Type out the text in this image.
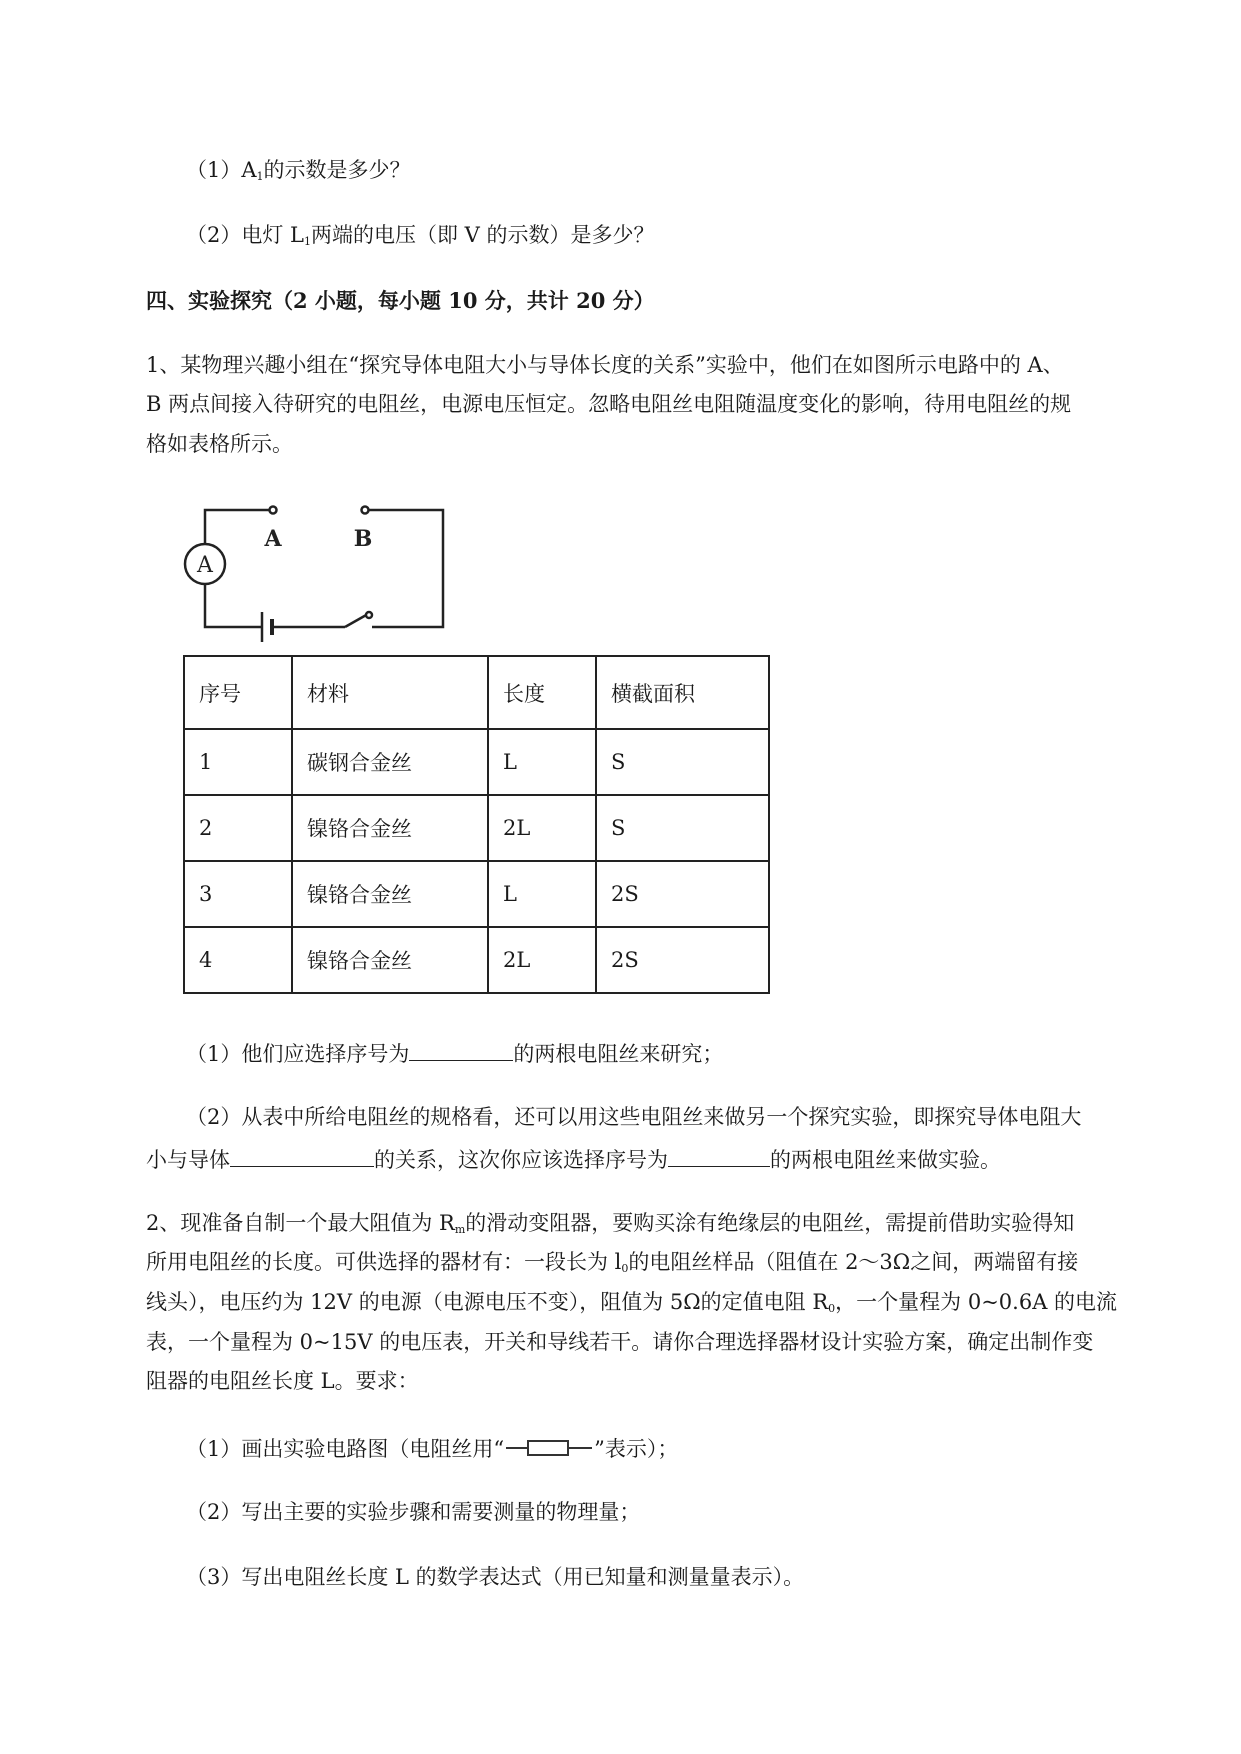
$(1)A_1$的示数是多少？
（2）电灯 $L_1$两端的电压（即 V 的示数）是多少？
四、实验探究（2 小题，每小题 10 分，共计 20 分）
1、某物理兴趣小组在“探究导体电阻大小与导体长度的关系”实验中，他们在如图所示电路中的 A、
B 两点间接入待研究的电阻丝，电源电压恒定。忽略电阻丝电阻随温度变化的影响，待用电阻丝的规
格如表格所示。
A	B
A
序号	材料	长度	横截面积
1	碳钢合金丝	L	S
2	镍铬合金丝	2L	S
3	镍铬合金丝	L	2S
4	镍铬合金丝	2L	2S
（1）他们应选择序号为	的两根电阻丝来研究；
（2）从表中所给电阻丝的规格看，还可以用这些电阻丝来做另一个探究实验，即探究导体电阻大
小与导体	的关系，这次你应该选择序号为	的两根电阻丝来做实验。
2、现准备自制一个最大阻值为 $R_m$的滑动变阻器，要购买涂有绝缘层的电阻丝，需提前借助实验得知
所用电阻丝的长度。可供选择的器材有：一段长为 $l_0$的电阻丝样品（阻值在 2～3Ω之间，两端留有接
线头），电压约为 12V 的电源（电源电压不变），阻值为 5Ω的定值电阻 $R_0$，一个量程为 0~0.6A 的电流
表，一个量程为 0~15V 的电压表，开关和导线若干。请你合理选择器材设计实验方案，确定出制作变
阻器的电阻丝长度 L。要求：
（1）画出实验电路图（电阻丝用“	”表示）；
（2）写出主要的实验步骤和需要测量的物理量；
（3）写出电阻丝长度 L 的数学表达式（用已知量和测量量表示）。
